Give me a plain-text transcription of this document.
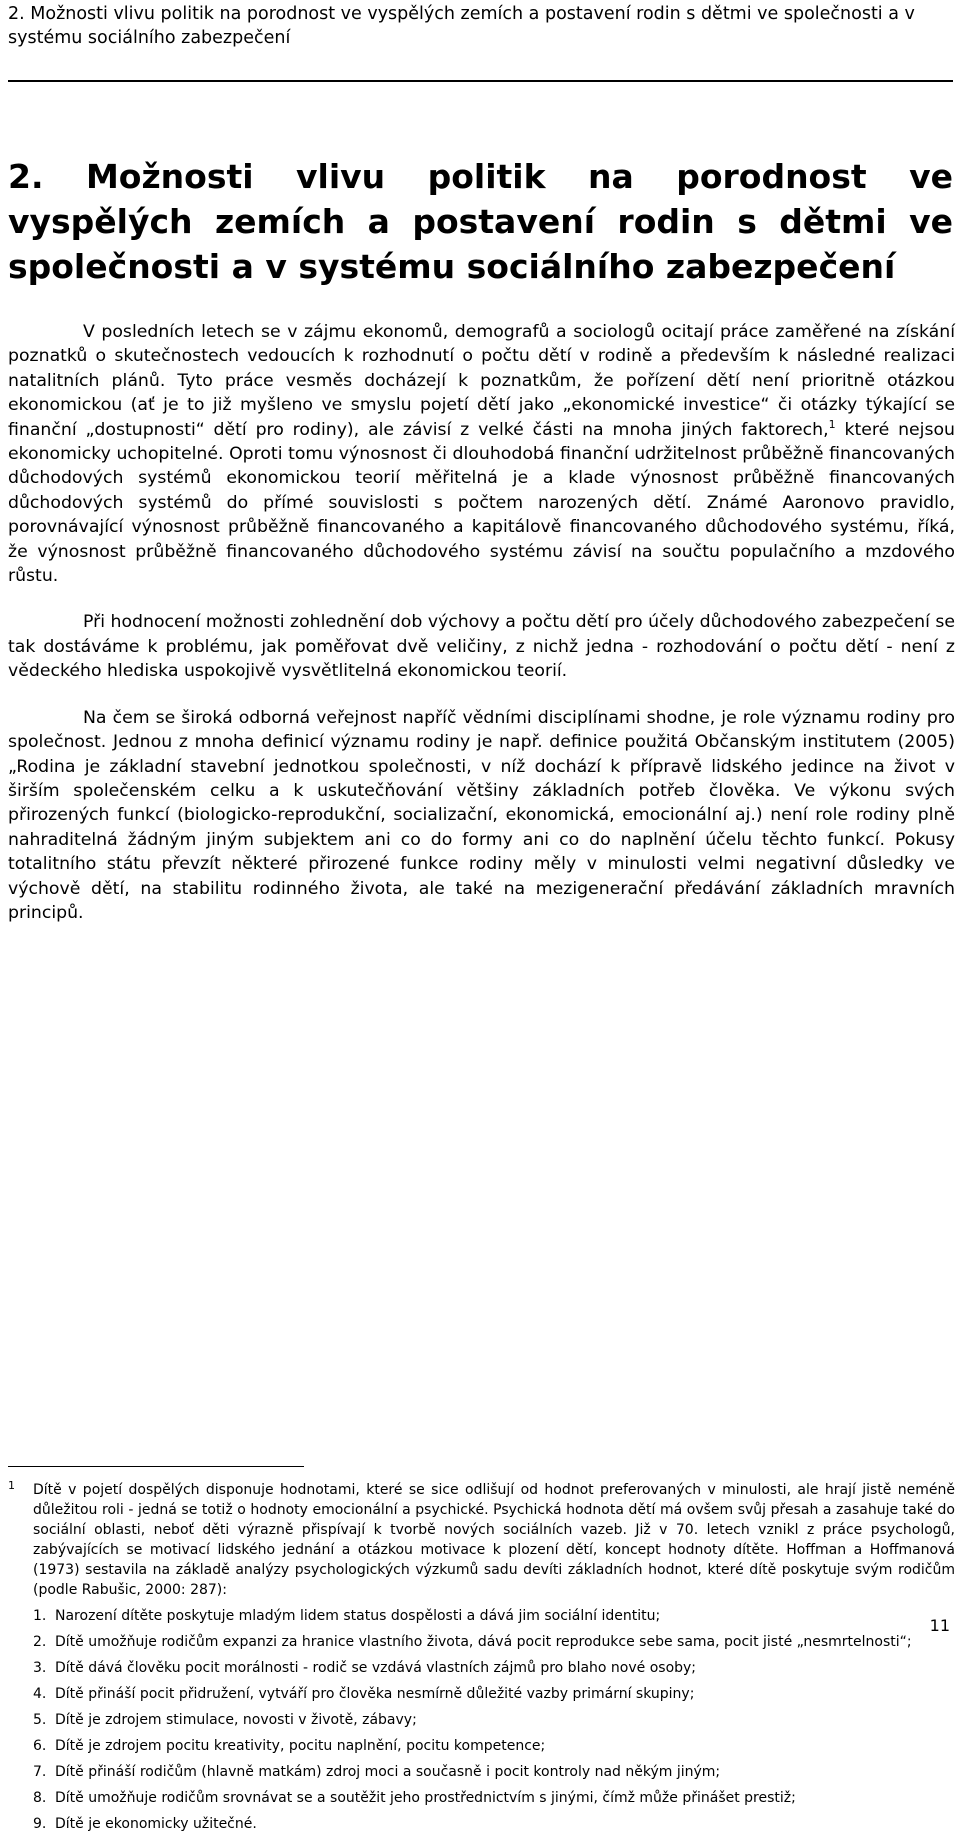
2. Možnosti vlivu politik na porodnost ve vyspělých zemích a postavení rodin s dětmi ve společnosti a v systému sociálního zabezpečení
2. Možnosti vlivu politik na porodnost ve vyspělých zemích a postavení rodin s dětmi ve společnosti a v systému sociálního zabezpečení

V posledních letech se v zájmu ekonomů, demografů a sociologů ocitají práce zaměřené na získání poznatků o skutečnostech vedoucích k rozhodnutí o počtu dětí v rodině a především k následné realizaci natalitních plánů. Tyto práce vesměs docházejí k poznatkům, že pořízení dětí není prioritně otázkou ekonomickou (ať je to již myšleno ve smyslu pojetí dětí jako „ekonomické investice“ či otázky týkající se finanční „dostupnosti“ dětí pro rodiny), ale závisí z velké části na mnoha jiných faktorech,$^1$ které nejsou ekonomicky uchopitelné. Oproti tomu výnosnost či dlouhodobá finanční udržitelnost průběžně financovaných důchodových systémů ekonomickou teorií měřitelná je a klade výnosnost průběžně financovaných důchodových systémů do přímé souvislosti s počtem narozených dětí. Známé Aaronovo pravidlo, porovnávající výnosnost průběžně financovaného a kapitálově financovaného důchodového systému, říká, že výnosnost průběžně financovaného důchodového systému závisí na součtu populačního a mzdového růstu.

Při hodnocení možnosti zohlednění dob výchovy a počtu dětí pro účely důchodového zabezpečení se tak dostáváme k problému, jak poměřovat dvě veličiny, z nichž jedna - rozhodování o počtu dětí - není z vědeckého hlediska uspokojivě vysvětlitelná ekonomickou teorií.

Na čem se široká odborná veřejnost napříč vědními disciplínami shodne, je role významu rodiny pro společnost. Jednou z mnoha definicí významu rodiny je např. definice použitá Občanským institutem (2005) „Rodina je základní stavební jednotkou společnosti, v níž dochází k přípravě lidského jedince na život v širším společenském celku a k uskutečňování většiny základních potřeb člověka. Ve výkonu svých přirozených funkcí (biologicko-reprodukční, socializační, ekonomická, emocionální aj.) není role rodiny plně nahraditelná žádným jiným subjektem ani co do formy ani co do naplnění účelu těchto funkcí. Pokusy totalitního státu převzít některé přirozené funkce rodiny měly v minulosti velmi negativní důsledky ve výchově dětí, na stabilitu rodinného života, ale také na mezigenerační předávání základních mravních principů.

1 Dítě v pojetí dospělých disponuje hodnotami, které se sice odlišují od hodnot preferovaných v minulosti, ale hrají jistě neméně důležitou roli - jedná se totiž o hodnoty emocionální a psychické. Psychická hodnota dětí má ovšem svůj přesah a zasahuje také do sociální oblasti, neboť děti výrazně přispívají k tvorbě nových sociálních vazeb. Již v 70. letech vznikl z práce psychologů, zabývajících se motivací lidského jednání a otázkou motivace k plození dětí, koncept hodnoty dítěte. Hoffman a Hoffmanová (1973) sestavila na základě analýzy psychologických výzkumů sadu devíti základních hodnot, které dítě poskytuje svým rodičům (podle Rabušic, 2000: 287):
1. Narození dítěte poskytuje mladým lidem status dospělosti a dává jim sociální identitu;
2. Dítě umožňuje rodičům expanzi za hranice vlastního života, dává pocit reprodukce sebe sama, pocit jisté „nesmrtelnosti“;
3. Dítě dává člověku pocit morálnosti - rodič se vzdává vlastních zájmů pro blaho nové osoby;
4. Dítě přináší pocit přidružení, vytváří pro člověka nesmírně důležité vazby primární skupiny;
5. Dítě je zdrojem stimulace, novosti v životě, zábavy;
6. Dítě je zdrojem pocitu kreativity, pocitu naplnění, pocitu kompetence;
7. Dítě přináší rodičům (hlavně matkám) zdroj moci a současně i pocit kontroly nad někým jiným;
8. Dítě umožňuje rodičům srovnávat se a soutěžit jeho prostřednictvím s jinými, čímž může přinášet prestiž;
9. Dítě je ekonomicky užitečné.
11
